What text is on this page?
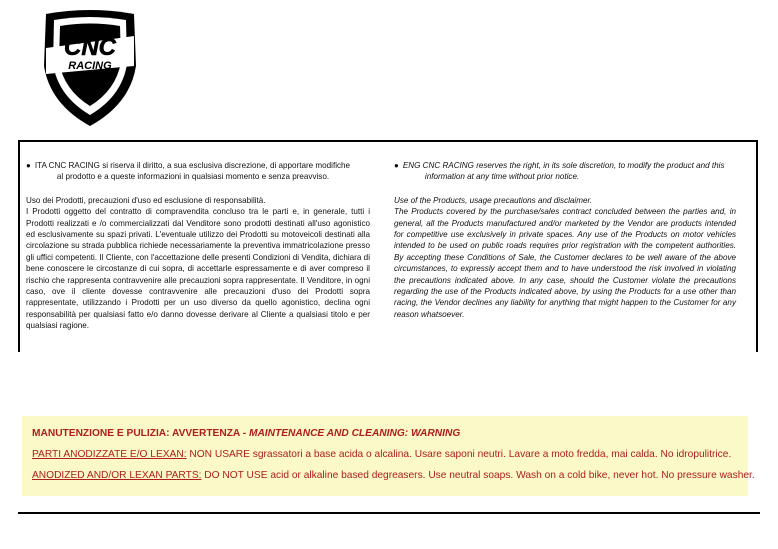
CNC
RACING
● ITA CNC RACING si riserva il diritto, a sua esclusiva discrezione, di apportare modifiche
al prodotto e a queste informazioni in qualsiasi momento e senza preavviso.

Uso dei Prodotti, precauzioni d'uso ed esclusione di responsabilità.

I Prodotti oggetto del contratto di compravendita concluso tra le parti e, in generale, tutti i Prodotti realizzati e /o commercializzati dal Venditore sono prodotti destinati all'uso agonistico ed esclusivamente su spazi privati. L'eventuale utilizzo dei Prodotti su motoveicoli destinati alla circolazione su strada pubblica richiede necessariamente la preventiva immatricolazione presso gli uffici competenti. Il Cliente, con l'accettazione delle presenti Condizioni di Vendita, dichiara di bene conoscere le circostanze di cui sopra, di accettarle espressamente e di aver compreso il rischio che rappresenta contravvenire alle precauzioni sopra rappresentate. Il Venditore, in ogni caso, ove il cliente dovesse contravvenire alle precauzioni d'uso dei Prodotti sopra rappresentate, utilizzando i Prodotti per un uso diverso da quello agonistico, declina ogni responsabilità per qualsiasi fatto e/o danno dovesse derivare al Cliente a qualsiasi titolo e per qualsiasi ragione.

● ENG CNC RACING reserves the right, in its sole discretion, to modify the product and this
information at any time without prior notice.

Use of the Products, usage precautions and disclaimer.

The Products covered by the purchase/sales contract concluded between the parties and, in general, all the Products manufactured and/or marketed by the Vendor are products intended for competitive use exclusively in private spaces. Any use of the Products on motor vehicles intended to be used on public roads requires prior registration with the competent authorities. By accepting these Conditions of Sale, the Customer declares to be well aware of the above circumstances, to expressly accept them and to have understood the risk involved in violating the precautions indicated above. In any case, should the Customer violate the precautions regarding the use of the Products indicated above, by using the Products for a use other than racing, the Vendor declines any liability for anything that might happen to the Customer for any reason whatsoever.

MANUTENZIONE E PULIZIA: AVVERTENZA - MAINTENANCE AND CLEANING: WARNING
PARTI ANODIZZATE E/O LEXAN: NON USARE sgrassatori a base acida o alcalina. Usare saponi neutri. Lavare a moto fredda, mai calda. No idropulitrice.
ANODIZED AND/OR LEXAN PARTS: DO NOT USE acid or alkaline based degreasers. Use neutral soaps. Wash on a cold bike, never hot. No pressure washer.
